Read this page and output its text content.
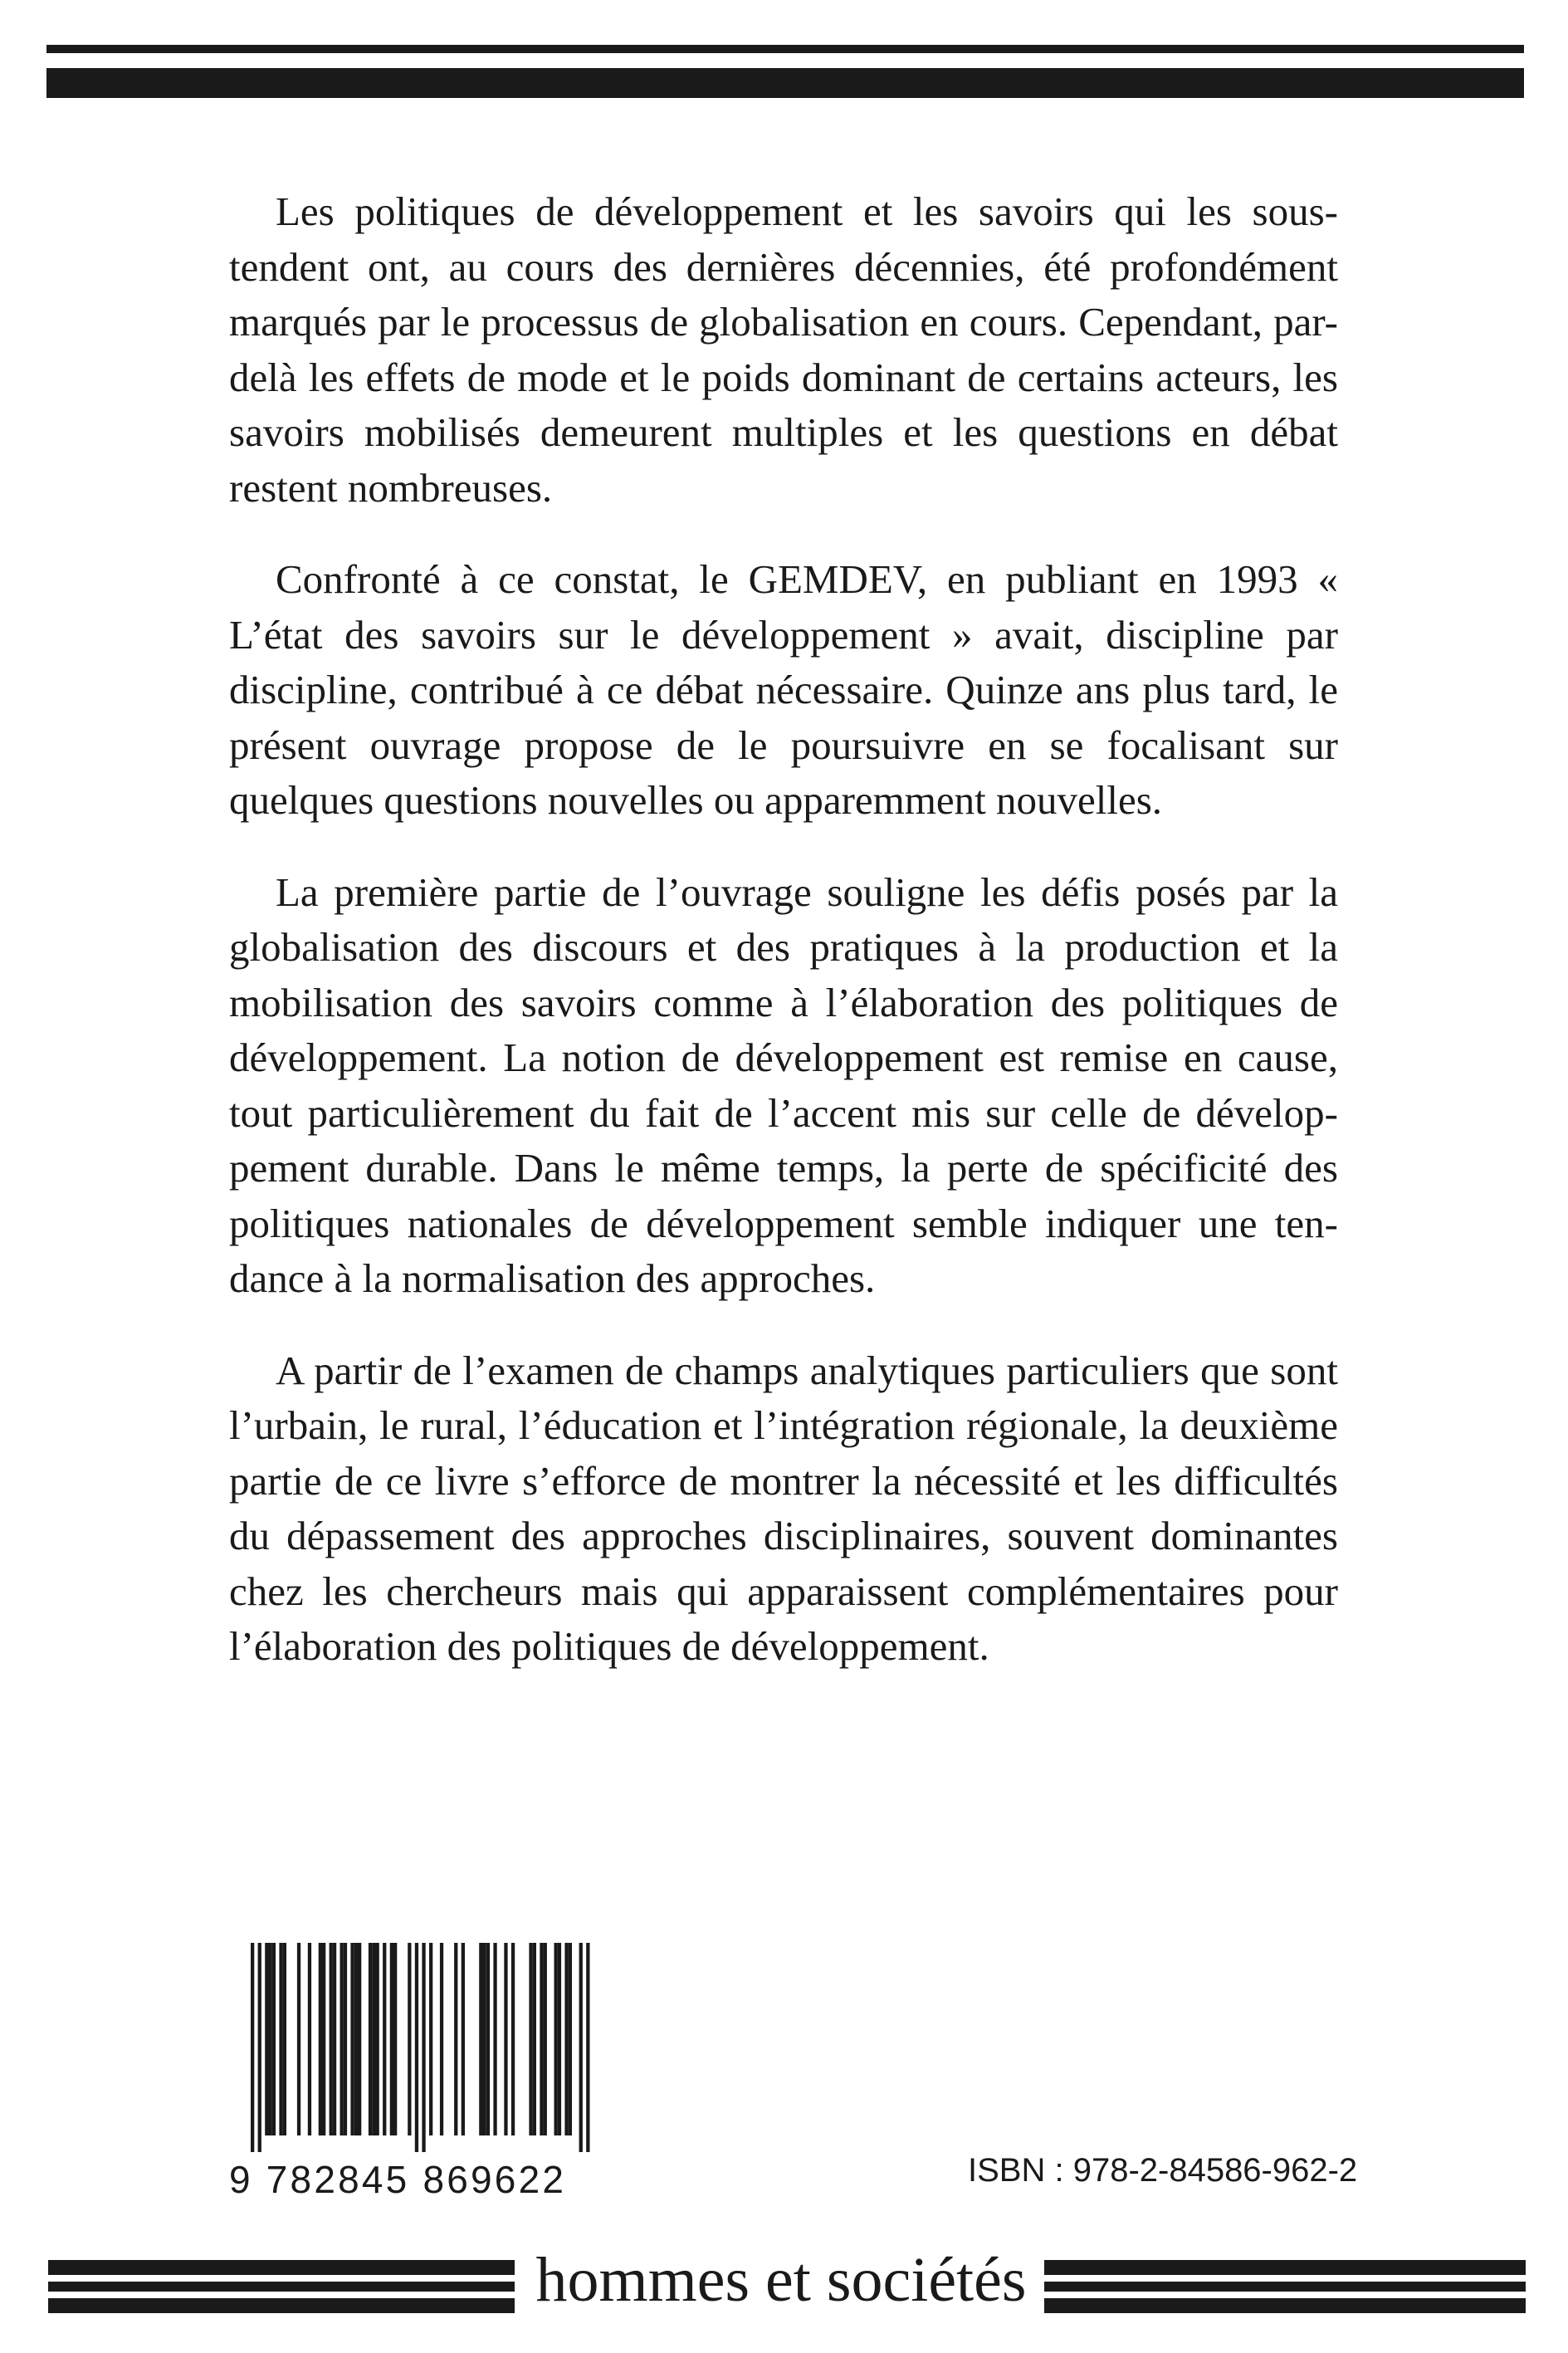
Les politiques de développement et les savoirs qui les soustendent ont, au cours des dernières décennies, été profondément marqués par le processus de globalisation en cours. Cependant, par-delà les effets de mode et le poids dominant de certains acteurs, les savoirs mobilisés demeurent multiples et les questions en débat restent nombreuses.

Confronté à ce constat, le GEMDEV, en publiant en 1993 « L’état des savoirs sur le développement » avait, discipline par discipline, contribué à ce débat nécessaire. Quinze ans plus tard, le présent ouvrage propose de le poursuivre en se focalisant sur quelques questions nouvelles ou apparemment nouvelles.

La première partie de l’ouvrage souligne les défis posés par la globalisation des discours et des pratiques à la production et la mobilisation des savoirs comme à l’élaboration des politiques de développement. La notion de développement est remise en cause, tout particulièrement du fait de l’accent mis sur celle de développement durable. Dans le même temps, la perte de spécificité des politiques nationales de développement semble indiquer une tendance à la normalisation des approches.

A partir de l’examen de champs analytiques particuliers que sont l’urbain, le rural, l’éducation et l’intégration régionale, la deuxième partie de ce livre s’efforce de montrer la nécessité et les difficultés du dépassement des approches disciplinaires, souvent dominantes chez les chercheurs mais qui apparaissent complémentaires pour l’élaboration des politiques de développement.

9 782845 869622	ISBN : 978-2-84586-962-2
hommes et sociétés
